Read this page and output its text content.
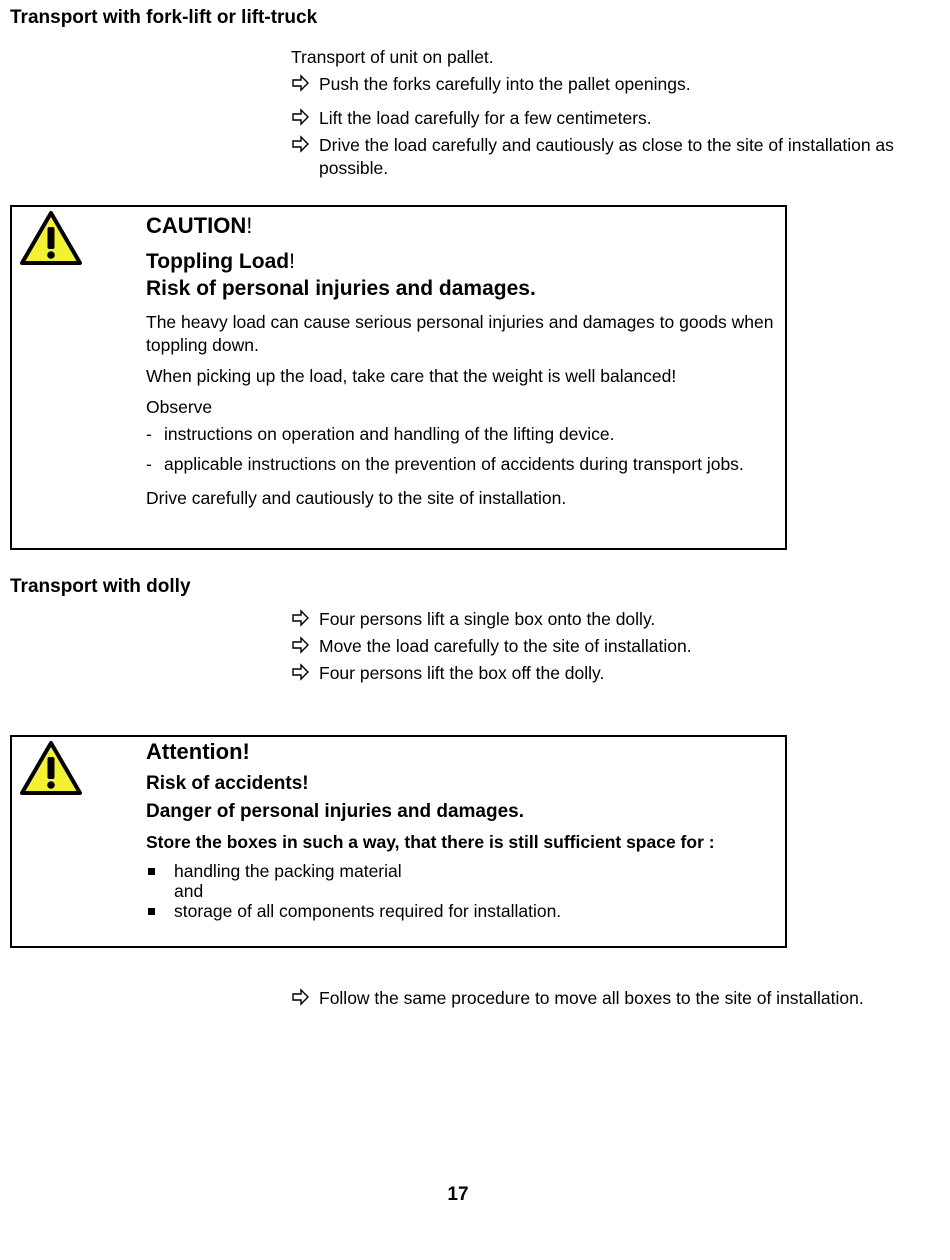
Transport with fork-lift or lift-truck
Transport of unit on pallet.
Push the forks carefully into the pallet openings.
Lift the load carefully for a few centimeters.
Drive the load carefully and cautiously as close to the site of installation as possible.
CAUTION!
Toppling Load!
Risk of personal injuries and damages.
The heavy load can cause serious personal injuries and damages to goods when toppling down.
When picking up the load, take care that the weight is well balanced!
Observe
- instructions on operation and handling of the lifting device.
- applicable instructions on the prevention of accidents during transport jobs.
Drive carefully and cautiously to the site of installation.
Transport with dolly
Four persons lift a single box onto the dolly.
Move the load carefully to the site of installation.
Four persons lift the box off the dolly.
Attention!
Risk of accidents!
Danger of personal injuries and damages.
Store the boxes in such a way, that there is still sufficient space for :
handling the packing material
and
storage of all components required for installation.
Follow the same procedure to move all boxes to the site of installation.
17
